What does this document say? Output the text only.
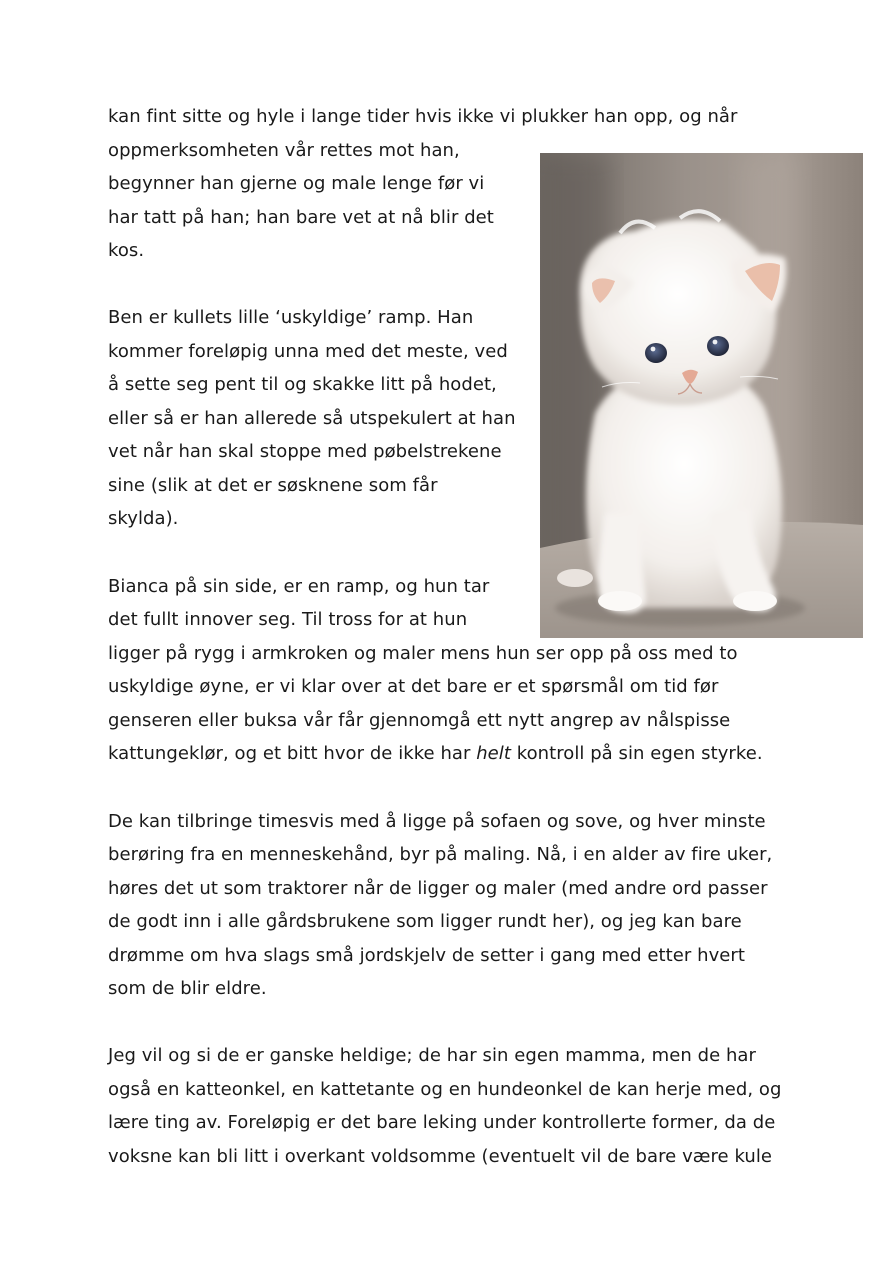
kan fint sitte og hyle i lange tider hvis ikke vi plukker han opp, og når
oppmerksomheten vår rettes mot han,
begynner han gjerne og male lenge før vi
har tatt på han; han bare vet at nå blir det
kos.
Ben er kullets lille ‘uskyldige’ ramp. Han
kommer foreløpig unna med det meste, ved
å sette seg pent til og skakke litt på hodet,
eller så er han allerede så utspekulert at han
vet når han skal stoppe med pøbelstrekene
sine (slik at det er søsknene som får
skylda).
Bianca på sin side, er en ramp, og hun tar
det fullt innover seg. Til tross for at hun
ligger på rygg i armkroken og maler mens hun ser opp på oss med to
uskyldige øyne, er vi klar over at det bare er et spørsmål om tid før
genseren eller buksa vår får gjennomgå ett nytt angrep av nålspisse
kattungeklør, og et bitt hvor de ikke har helt kontroll på sin egen styrke.
De kan tilbringe timesvis med å ligge på sofaen og sove, og hver minste
berøring fra en menneskehånd, byr på maling. Nå, i en alder av fire uker,
høres det ut som traktorer når de ligger og maler (med andre ord passer
de godt inn i alle gårdsbrukene som ligger rundt her), og jeg kan bare
drømme om hva slags små jordskjelv de setter i gang med etter hvert
som de blir eldre.
Jeg vil og si de er ganske heldige; de har sin egen mamma, men de har
også en katteonkel, en kattetante og en hundeonkel de kan herje med, og
lære ting av. Foreløpig er det bare leking under kontrollerte former, da de
voksne kan bli litt i overkant voldsomme (eventuelt vil de bare være kule
